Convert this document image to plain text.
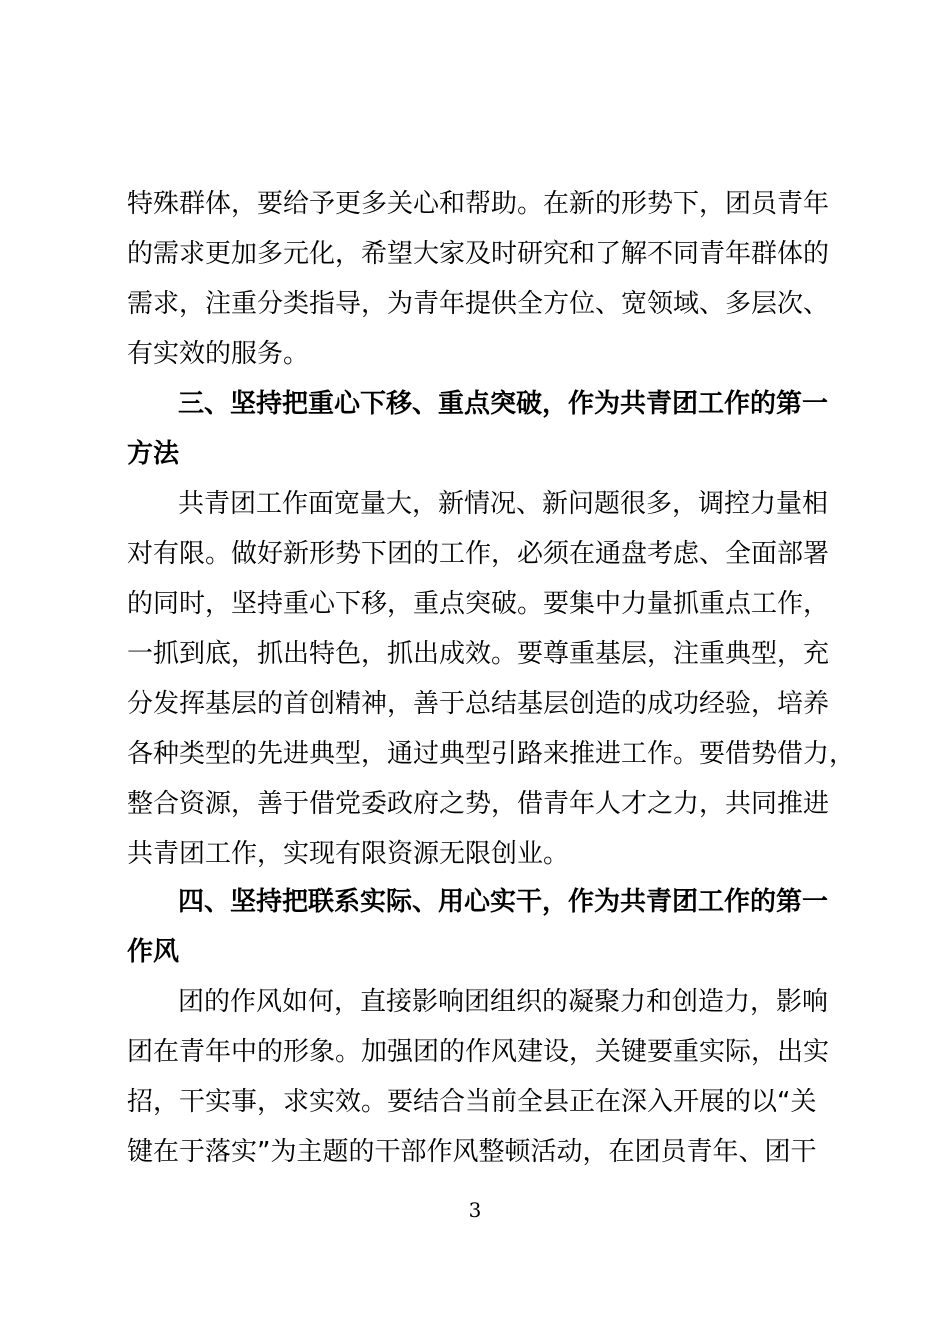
特殊群体，要给予更多关心和帮助。在新的形势下，团员青年
的需求更加多元化，希望大家及时研究和了解不同青年群体的
需求，注重分类指导，为青年提供全方位、宽领域、多层次、
有实效的服务。
三、坚持把重心下移、重点突破，作为共青团工作的第一
方法
共青团工作面宽量大，新情况、新问题很多，调控力量相
对有限。做好新形势下团的工作，必须在通盘考虑、全面部署
的同时，坚持重心下移，重点突破。要集中力量抓重点工作，
一抓到底，抓出特色，抓出成效。要尊重基层，注重典型，充
分发挥基层的首创精神，善于总结基层创造的成功经验，培养
各种类型的先进典型，通过典型引路来推进工作。要借势借力，
整合资源，善于借党委政府之势，借青年人才之力，共同推进
共青团工作，实现有限资源无限创业。
四、坚持把联系实际、用心实干，作为共青团工作的第一
作风
团的作风如何，直接影响团组织的凝聚力和创造力，影响
团在青年中的形象。加强团的作风建设，关键要重实际，出实
招，干实事，求实效。要结合当前全县正在深入开展的以“关
键在于落实”为主题的干部作风整顿活动，在团员青年、团干
3
